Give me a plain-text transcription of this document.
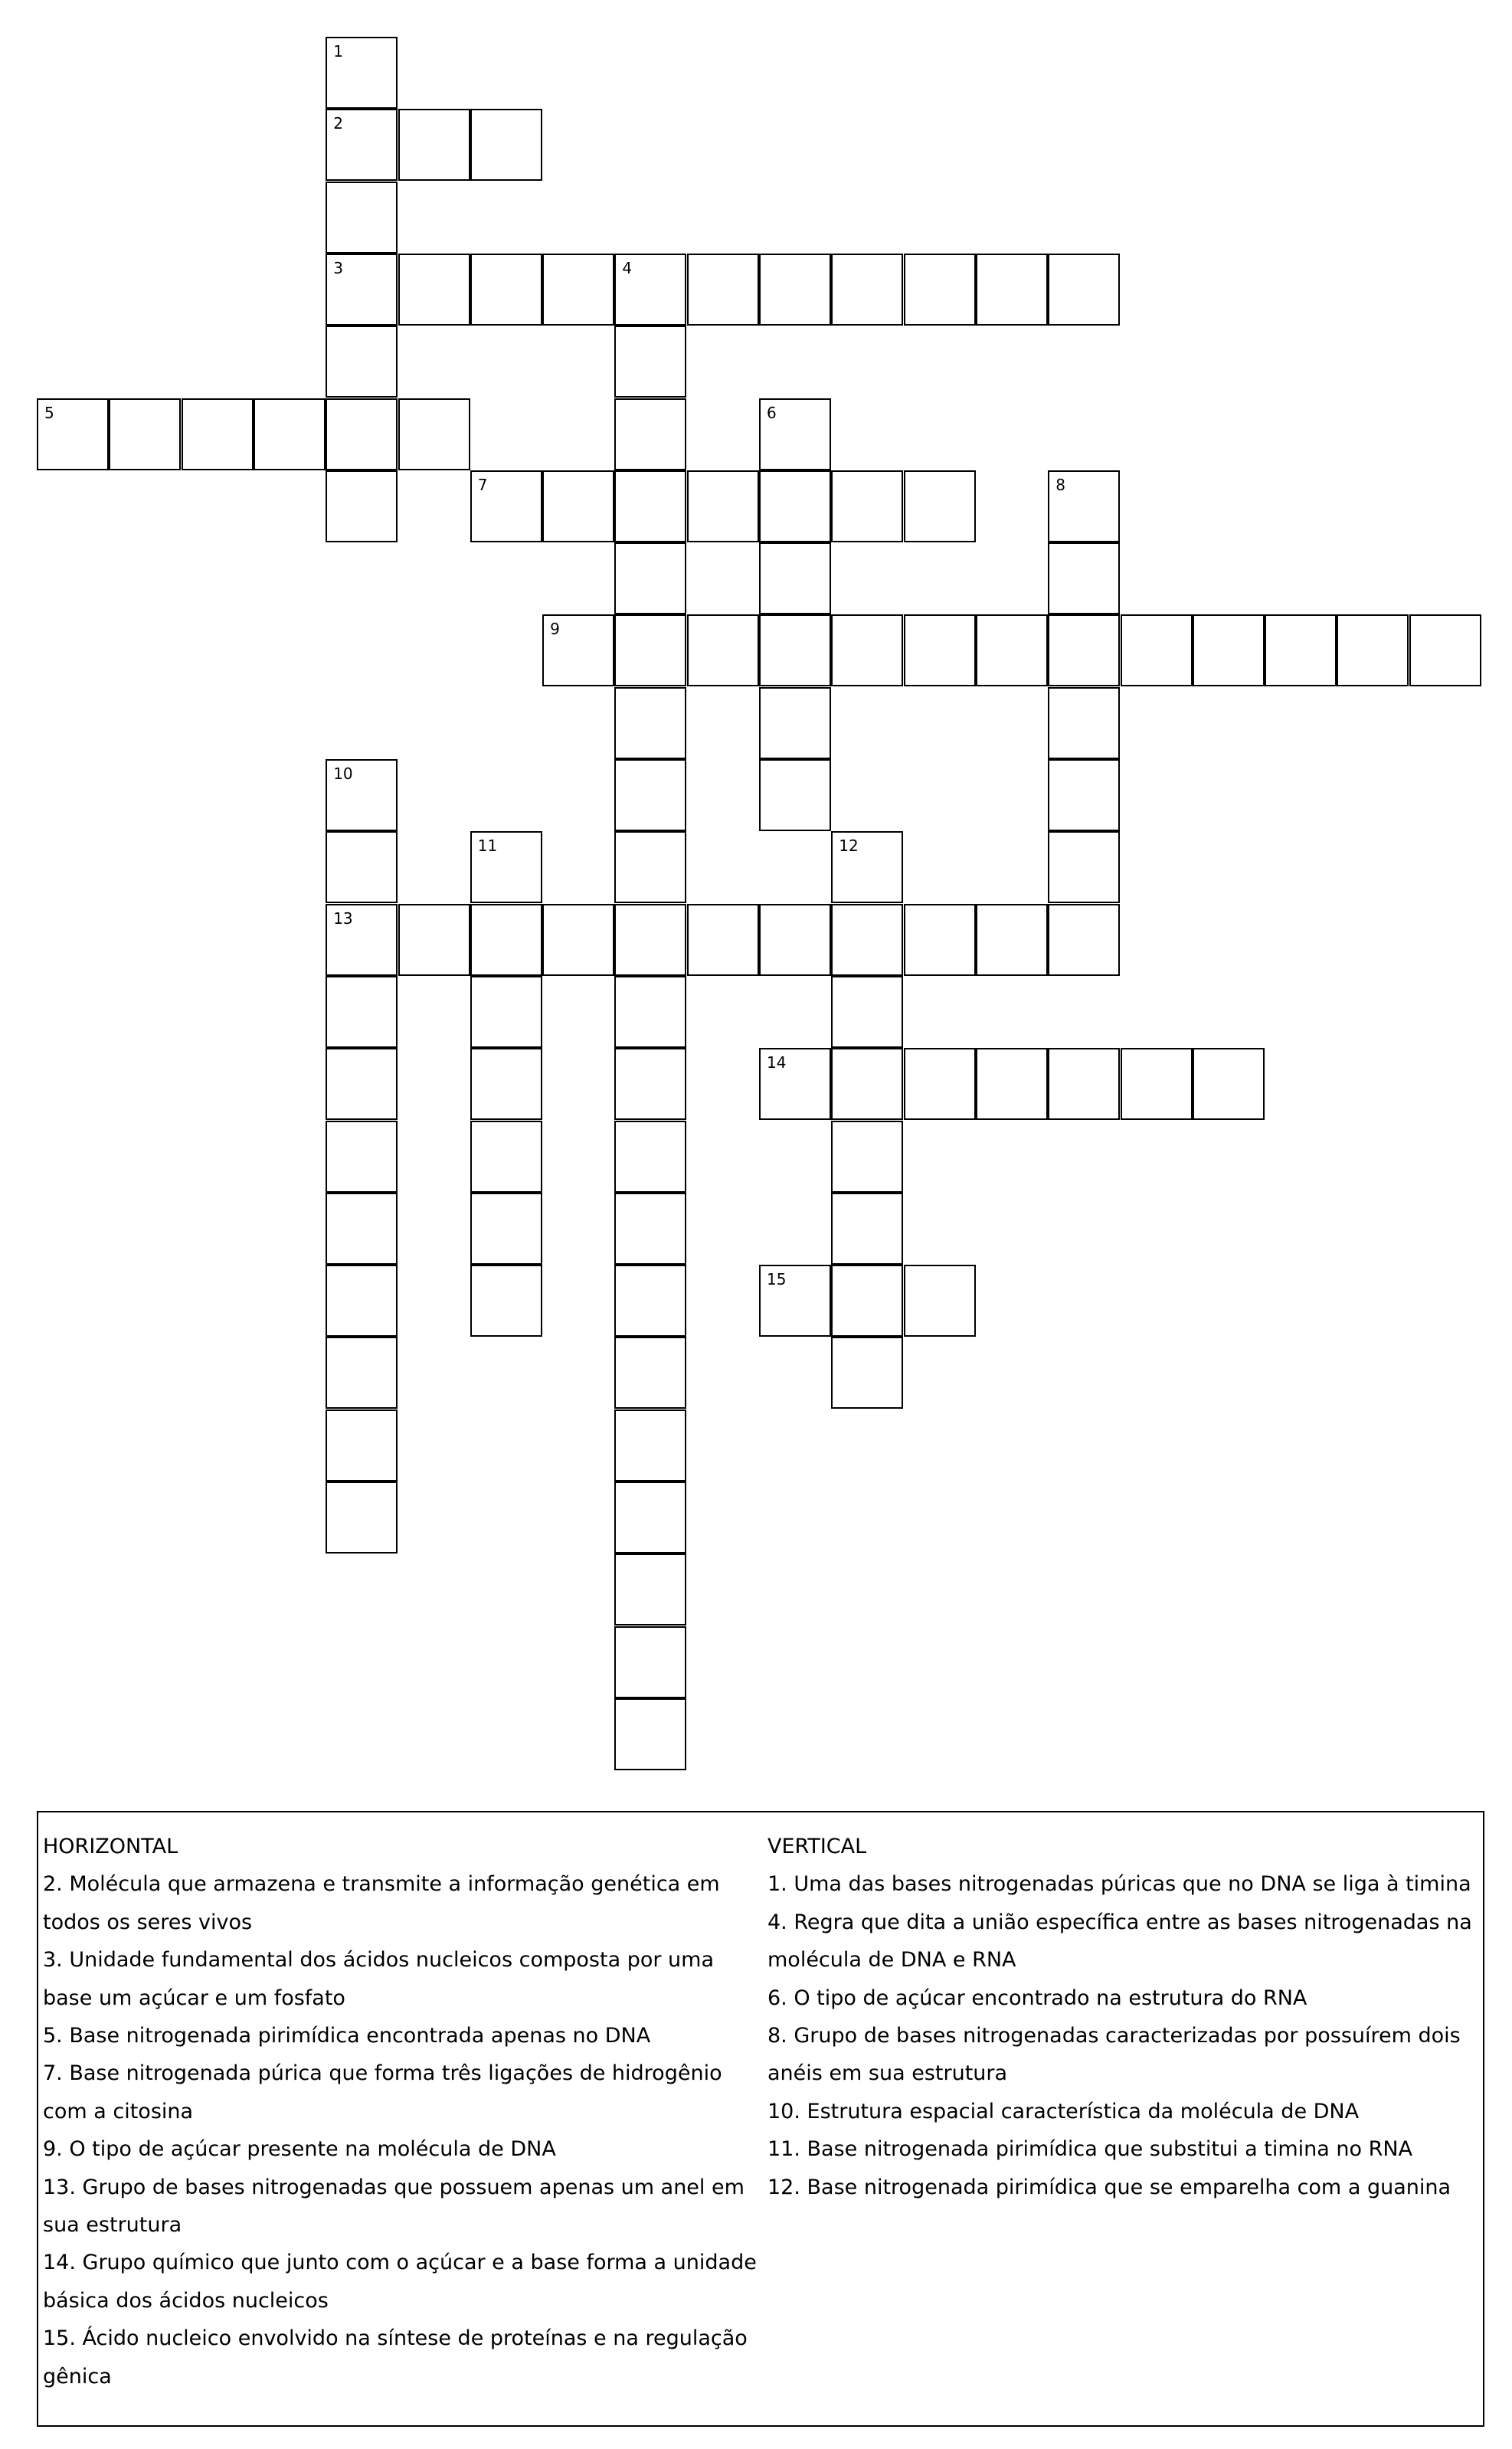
1
2
3	4
5	6
7	8
9
10
13
11	12
14
15
HORIZONTAL
2. Molécula que armazena e transmite a informação genética em todos os seres vivos
3. Unidade fundamental dos ácidos nucleicos composta por uma base um açúcar e um fosfato
5. Base nitrogenada pirimídica encontrada apenas no DNA
7. Base nitrogenada púrica que forma três ligações de hidrogênio com a citosina
9. O tipo de açúcar presente na molécula de DNA
13. Grupo de bases nitrogenadas que possuem apenas um anel em sua estrutura
14. Grupo químico que junto com o açúcar e a base forma a unidade básica dos ácidos nucleicos
15. Ácido nucleico envolvido na síntese de proteínas e na regulação gênica
VERTICAL
1. Uma das bases nitrogenadas púricas que no DNA se liga à timina
4. Regra que dita a união específica entre as bases nitrogenadas na molécula de DNA e RNA
6. O tipo de açúcar encontrado na estrutura do RNA
8. Grupo de bases nitrogenadas caracterizadas por possuírem dois anéis em sua estrutura
10. Estrutura espacial característica da molécula de DNA
11. Base nitrogenada pirimídica que substitui a timina no RNA
12. Base nitrogenada pirimídica que se emparelha com a guanina
